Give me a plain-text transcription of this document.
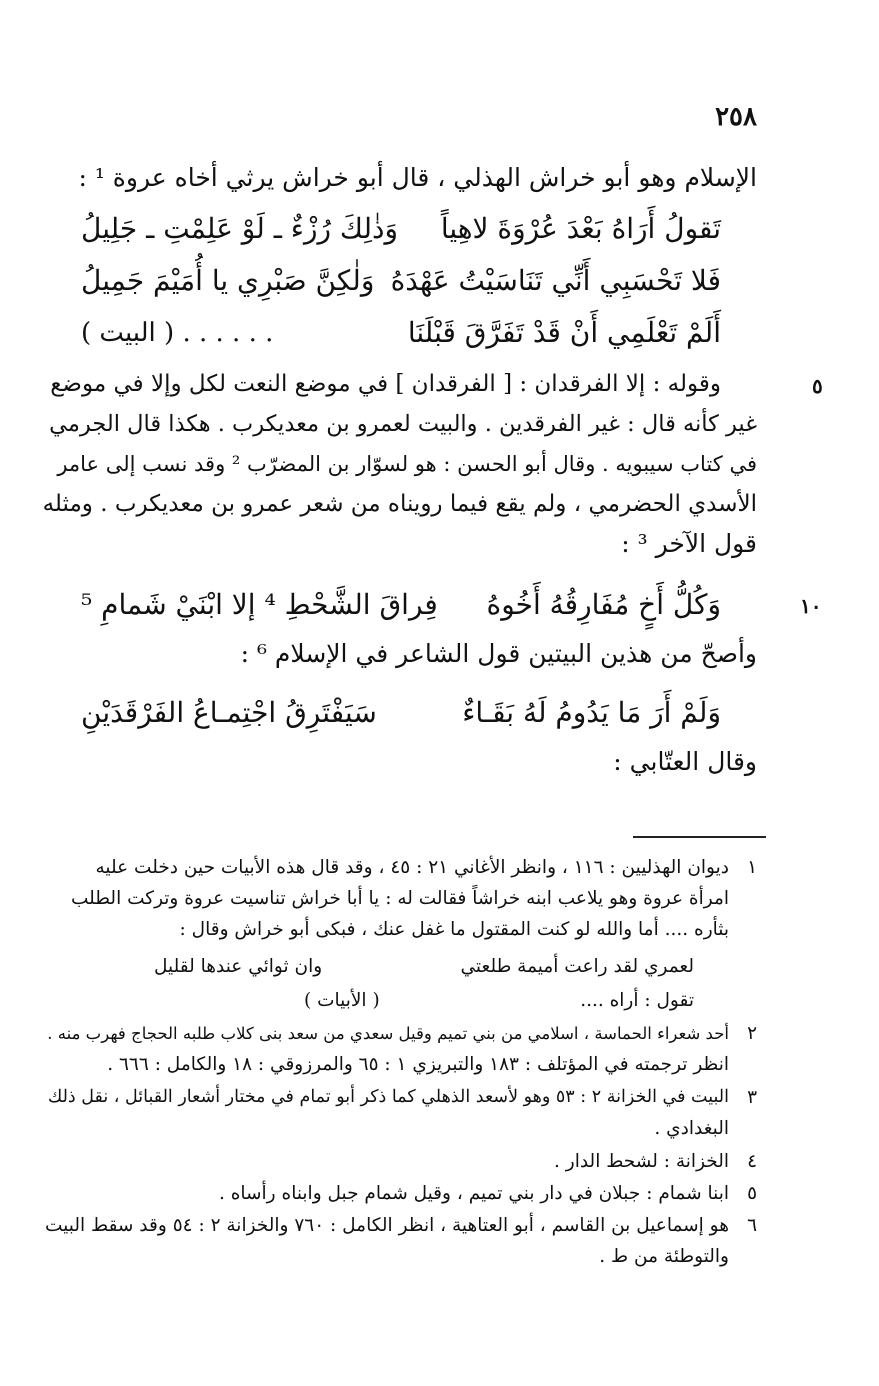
٢٥٨
الإسلام وهو أبو خراش الهذلي ، قال أبو خراش يرثي أخاه عروة ¹ :
تَقولُ أَرَاهُ بَعْدَ عُرْوَةَ لاهِياً
وَذٰلِكَ رُزْءٌ ـ لَوْ عَلِمْتِ ـ جَلِيلُ
فَلا تَحْسَبِي أَنِّي تَنَاسَيْتُ عَهْدَهُ
وَلٰكِنَّ صَبْرِي يا أُمَيْمَ جَمِيلُ
أَلَمْ تَعْلَمِي أَنْ قَدْ تَفَرَّقَ قَبْلَنَا
. . . . . . ( البيت )
٥
وقوله : إلا الفرقدان : [ الفرقدان ] في موضع النعت لكل وإلا في موضع
غير كأنه قال : غير الفرقدين . والبيت لعمرو بن معديكرب . هكذا قال الجرمي
في كتاب سيبويه . وقال أبو الحسن : هو لسوّار بن المضرّب ² وقد نسب إلى عامر
الأسدي الحضرمي ، ولم يقع فيما رويناه من شعر عمرو بن معديكرب . ومثله
قول الآخر ³ :
١٠
وَكُلُّ أَخٍ مُفَارِقُهُ أَخُوهُ
فِراقَ الشَّحْطِ ⁴ إلا ابْنَيْ شَمامِ ⁵
وأصحّ من هذين البيتين قول الشاعر في الإسلام ⁶ :
وَلَمْ أَرَ مَا يَدُومُ لَهُ بَقَـاءٌ
سَيَفْتَرِقُ اجْتِمـاعُ الفَرْقَدَيْنِ
وقال العتّابي :
١
ديوان الهذليين : ١١٦ ، وانظر الأغاني ٢١ : ٤٥ ، وقد قال هذه الأبيات حين دخلت عليه
امرأة عروة وهو يلاعب ابنه خراشاً فقالت له : يا أبا خراش تناسيت عروة وتركت الطلب
بثأره .... أما والله لو كنت المقتول ما غفل عنك ، فبكى أبو خراش وقال :
لعمري لقد راعت أميمة طلعتي
وان ثوائي عندها لقليل
تقول : أراه ....
( الأبيات )
٢
أحد شعراء الحماسة ، اسلامي من بني تميم وقيل سعدي من سعد بنى كلاب طلبه الحجاج فهرب منه .
انظر ترجمته في المؤتلف : ١٨٣ والتبريزي ١ : ٦٥ والمرزوقي : ١٨ والكامل : ٦٦٦ .
٣
البيت في الخزانة ٢ : ٥٣ وهو لأسعد الذهلي كما ذكر أبو تمام في مختار أشعار القبائل ، نقل ذلك
البغدادي .
٤
الخزانة : لشحط الدار .
٥
ابنا شمام : جبلان في دار بني تميم ، وقيل شمام جبل وابناه رأساه .
٦
هو إسماعيل بن القاسم ، أبو العتاهية ، انظر الكامل : ٧٦٠ والخزانة ٢ : ٥٤ وقد سقط البيت
والتوطئة من ط .
